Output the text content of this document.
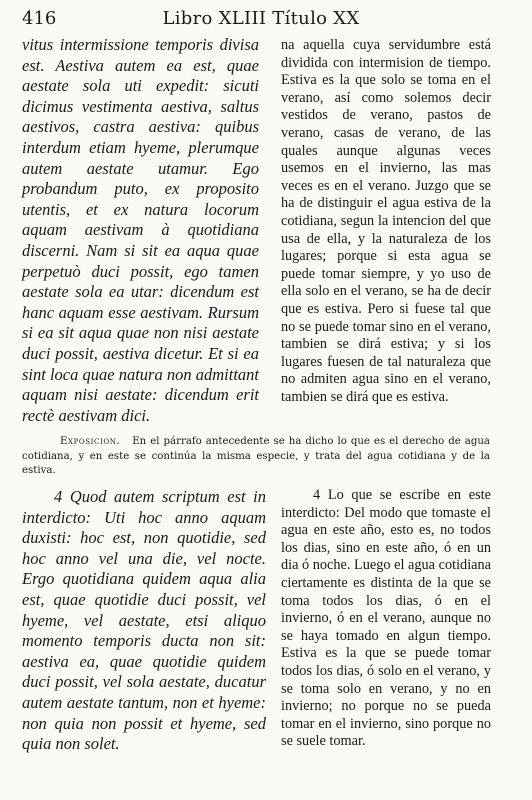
416	Libro XLIII Título XX

vitus intermissione temporis divisa est. Aestiva autem ea est, quae aestate sola uti expedit: sicuti dicimus vestimenta aestiva, saltus aestivos, castra aestiva: quibus interdum etiam hyeme, plerumque autem aestate utamur. Ego probandum puto, ex proposito utentis, et ex natura locorum aquam aestivam à quotidiana discerni. Nam si sit ea aqua quae perpetuò duci possit, ego tamen aestate sola ea utar: dicendum est hanc aquam esse aestivam. Rursum si ea sit aqua quae non nisi aestate duci possit, aestiva dicetur. Et si ea sint loca quae natura non admittant aquam nisi aestate: dicendum erit rectè aestivam dici.

na aquella cuya servidumbre está dividida con intermision de tiempo. Estiva es la que solo se toma en el verano, así como solemos decir vestidos de verano, pastos de verano, casas de verano, de las quales aunque algunas veces usemos en el invierno, las mas veces es en el verano. Juzgo que se ha de distinguir el agua estiva de la cotidiana, segun la intencion del que usa de ella, y la naturaleza de los lugares; porque si esta agua se puede tomar siempre, y yo uso de ella solo en el verano, se ha de decir que es estiva. Pero si fuese tal que no se puede tomar sino en el verano, tambien se dirá estiva; y si los lugares fuesen de tal naturaleza que no admiten agua sino en el verano, tambien se dirá que es estiva.

Exposicion. En el párrafo antecedente se ha dicho lo que es el derecho de agua cotidiana, y en este se continúa la misma especie, y trata del agua cotidiana y de la estiva.

4 Quod autem scriptum est in interdicto: Uti hoc anno aquam duxisti: hoc est, non quotidie, sed hoc anno vel una die, vel nocte. Ergo quotidiana quidem aqua alia est, quae quotidie duci possit, vel hyeme, vel aestate, etsi aliquo momento temporis ducta non sit: aestiva ea, quae quotidie quidem duci possit, vel sola aestate, ducatur autem aestate tantum, non et hyeme: non quia non possit et hyeme, sed quia non solet.

4 Lo que se escribe en este interdicto: Del modo que tomaste el agua en este año, esto es, no todos los dias, sino en este año, ó en un dia ó noche. Luego el agua cotidiana ciertamente es distinta de la que se toma todos los dias, ó en el invierno, ó en el verano, aunque no se haya tomado en algun tiempo. Estiva es la que se puede tomar todos los dias, ó solo en el verano, y se toma solo en verano, y no en invierno; no porque no se pueda tomar en el invierno, sino porque no se suele tomar.
